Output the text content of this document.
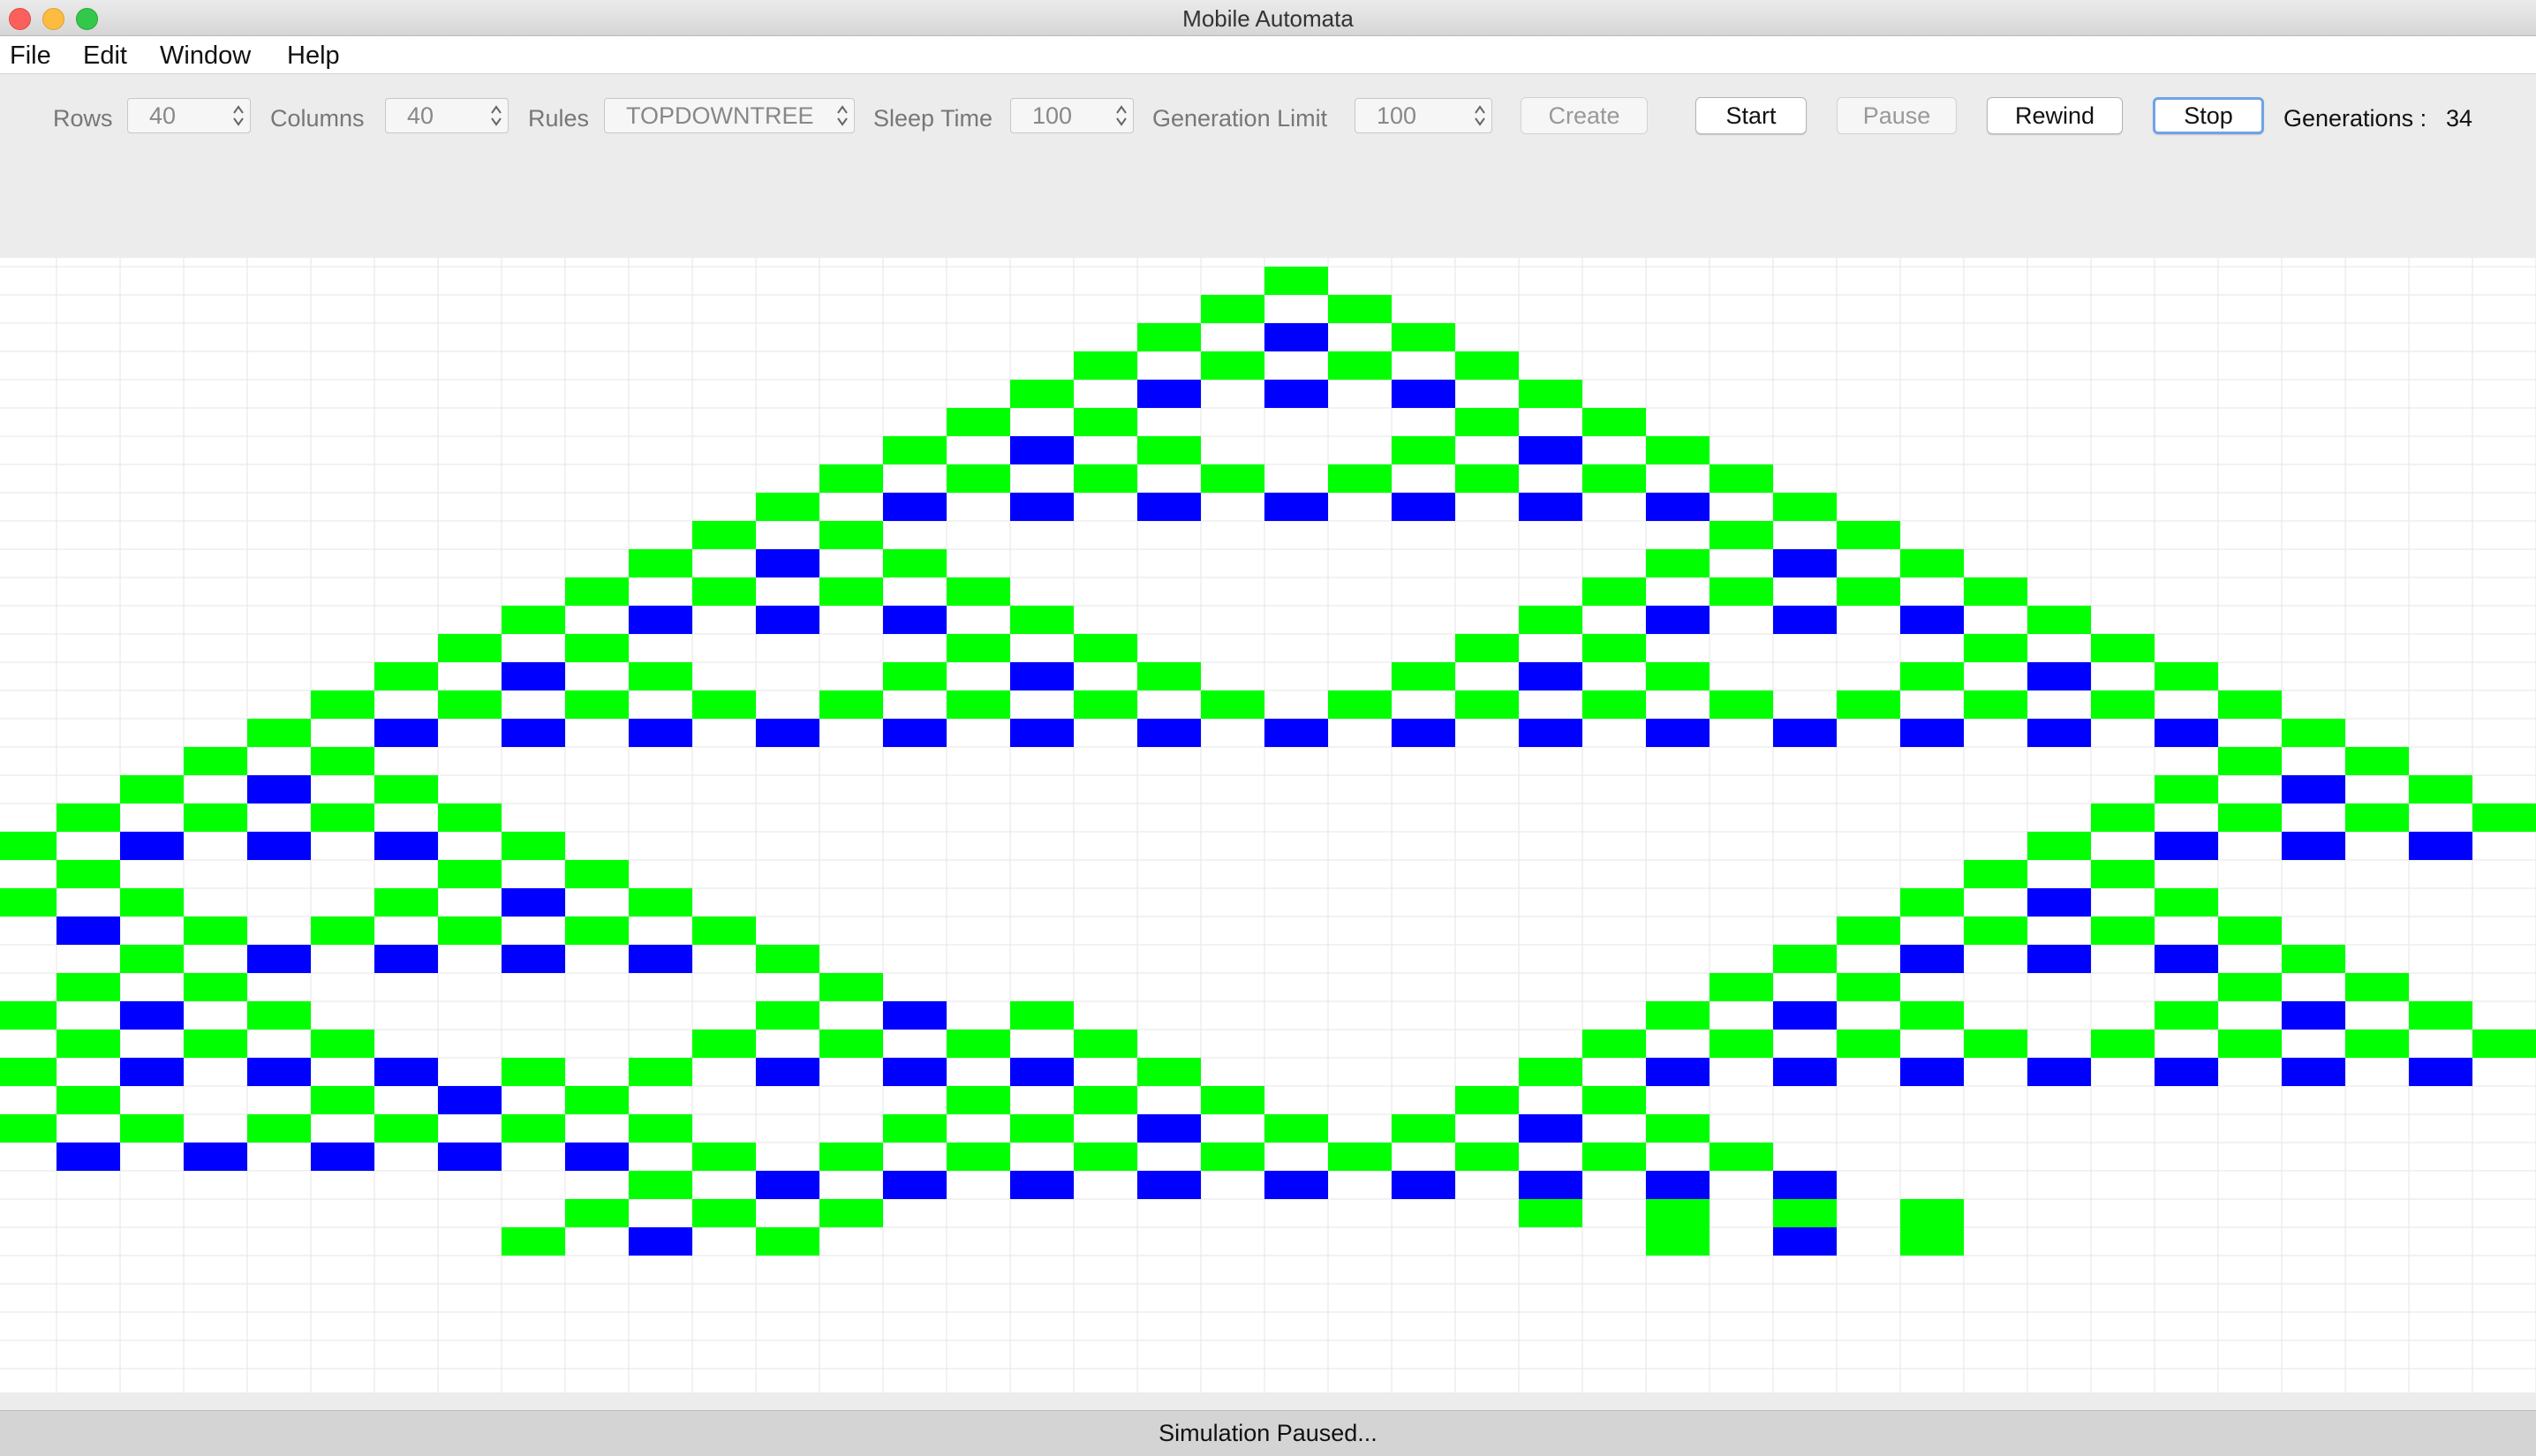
Mobile Automata
File Edit Window Help
Rows	40	Columns	40	Rules	TOPDOWNTREE	Sleep Time	100	Generation Limit	100	Create	Start	Pause	Rewind	Stop	Generations : 34
Simulation Paused...
